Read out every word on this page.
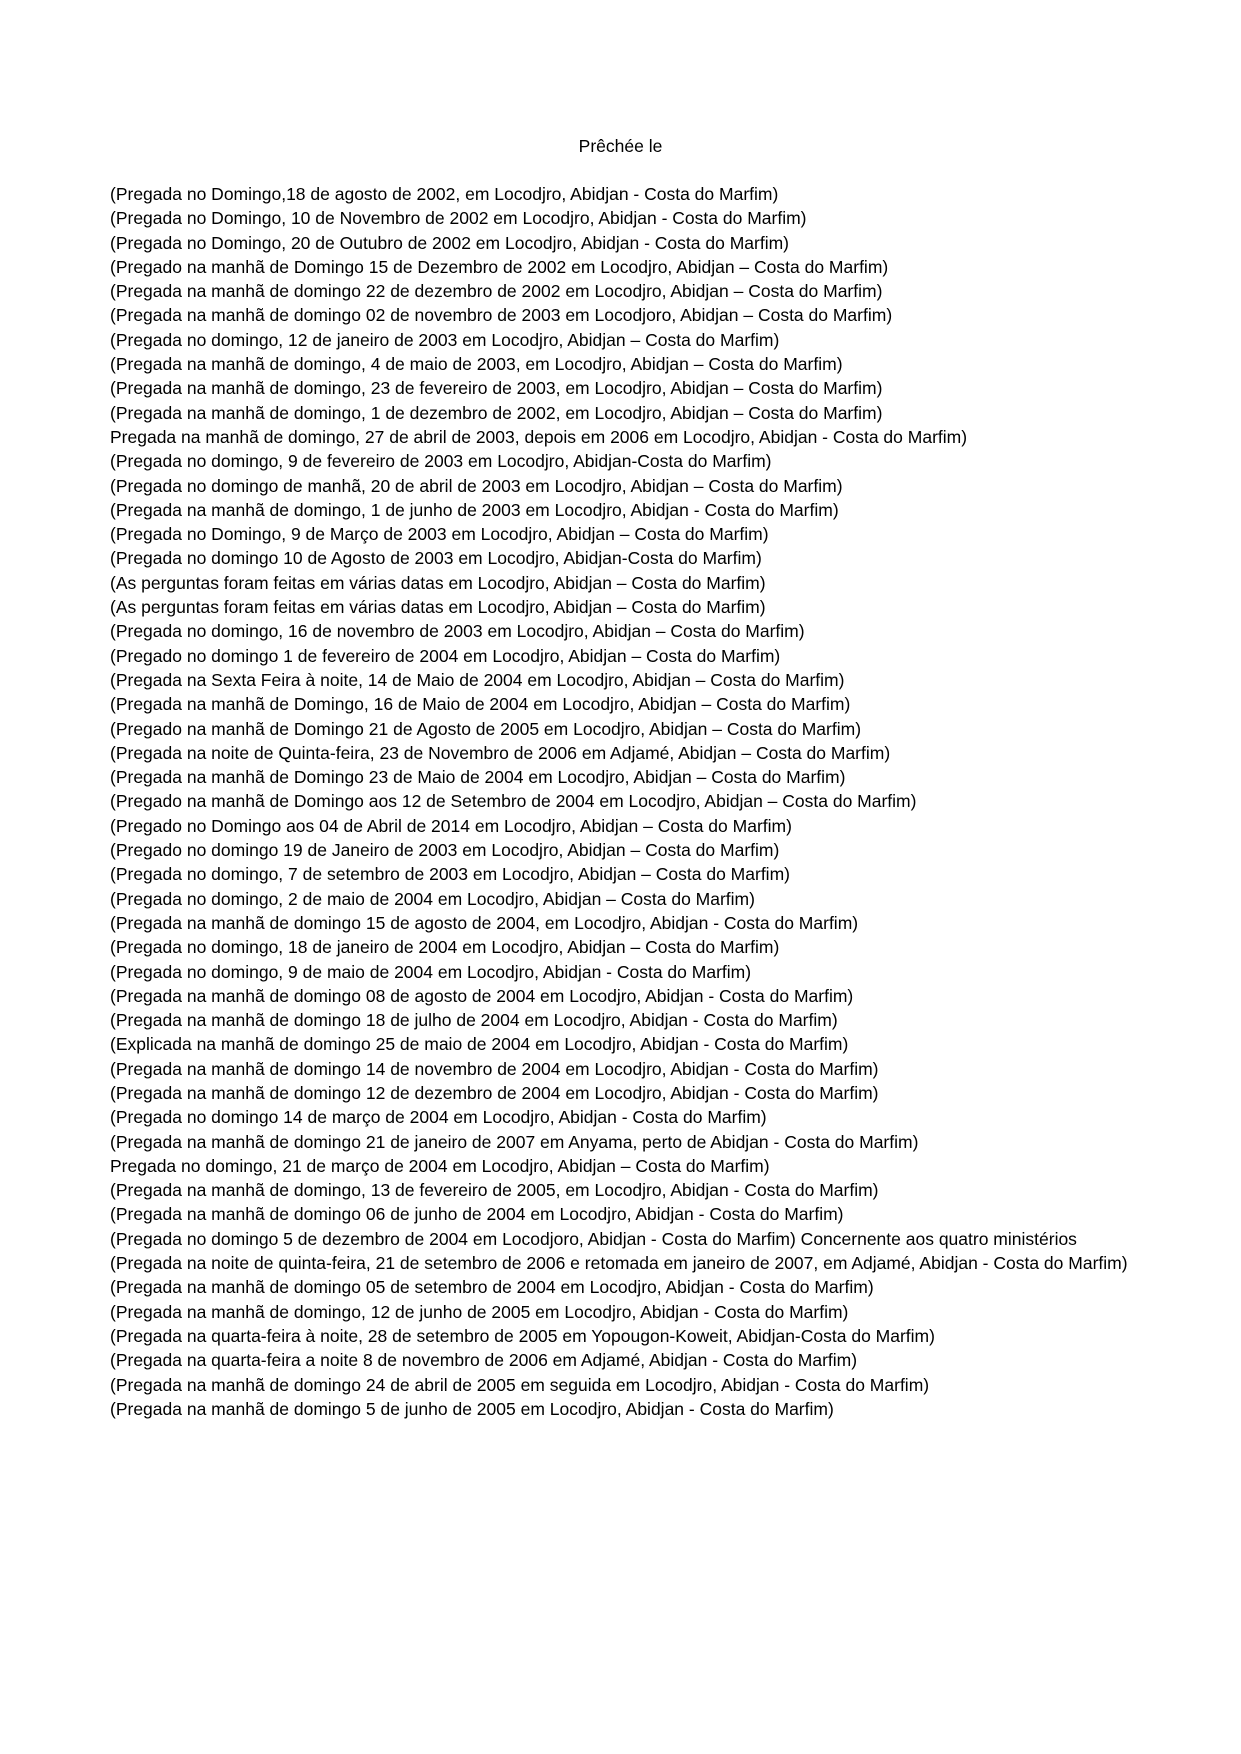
Prêchée le
(Pregada no Domingo,18 de agosto de 2002, em Locodjro, Abidjan - Costa do Marfim)
(Pregada no Domingo, 10 de Novembro de 2002 em Locodjro, Abidjan - Costa do Marfim)
(Pregada no Domingo, 20 de Outubro de 2002 em Locodjro, Abidjan - Costa do Marfim)
(Pregado na manhã de Domingo 15 de Dezembro de 2002 em Locodjro, Abidjan – Costa do Marfim)
(Pregada na manhã de domingo 22 de dezembro de 2002 em Locodjro, Abidjan – Costa do Marfim)
(Pregada na manhã de domingo 02 de novembro de 2003 em Locodjoro, Abidjan – Costa do Marfim)
(Pregada no domingo, 12 de janeiro de 2003 em Locodjro, Abidjan – Costa do Marfim)
(Pregada na manhã de domingo, 4 de maio de 2003, em Locodjro, Abidjan – Costa do Marfim)
(Pregada na manhã de domingo, 23 de fevereiro de 2003, em Locodjro, Abidjan – Costa do Marfim)
(Pregada na manhã de domingo, 1 de dezembro de 2002, em Locodjro, Abidjan – Costa do Marfim)
Pregada na manhã de domingo, 27 de abril de 2003, depois em 2006 em Locodjro, Abidjan - Costa do Marfim)
(Pregada no domingo, 9 de fevereiro de 2003 em Locodjro, Abidjan-Costa do Marfim)
(Pregada no domingo de manhã, 20 de abril de 2003 em Locodjro, Abidjan – Costa do Marfim)
(Pregada na manhã de domingo, 1 de junho de 2003 em Locodjro, Abidjan - Costa do Marfim)
(Pregada no Domingo, 9 de Março de 2003 em Locodjro, Abidjan – Costa do Marfim)
(Pregada no domingo 10 de Agosto de 2003 em Locodjro, Abidjan-Costa do Marfim)
(As perguntas foram feitas em várias datas em Locodjro, Abidjan – Costa do Marfim)
(As perguntas foram feitas em várias datas em Locodjro, Abidjan – Costa do Marfim)
(Pregada no domingo, 16 de novembro de 2003 em Locodjro, Abidjan – Costa do Marfim)
(Pregado no domingo 1 de fevereiro de 2004 em Locodjro, Abidjan – Costa do Marfim)
(Pregada na Sexta Feira à noite, 14 de Maio de 2004 em Locodjro, Abidjan – Costa do Marfim)
(Pregada na manhã de Domingo, 16 de Maio de 2004 em Locodjro, Abidjan – Costa do Marfim)
(Pregado na manhã de Domingo 21 de Agosto de 2005 em Locodjro, Abidjan – Costa do Marfim)
(Pregada na noite de Quinta-feira, 23 de Novembro de 2006 em Adjamé, Abidjan – Costa do Marfim)
(Pregada na manhã de Domingo 23 de Maio de 2004 em Locodjro, Abidjan – Costa do Marfim)
(Pregado na manhã de Domingo aos 12 de Setembro de 2004 em Locodjro, Abidjan – Costa do Marfim)
(Pregado no Domingo aos 04 de Abril de 2014 em Locodjro, Abidjan – Costa do Marfim)
(Pregado no domingo 19 de Janeiro de 2003 em Locodjro, Abidjan – Costa do Marfim)
(Pregada no domingo, 7 de setembro de 2003 em Locodjro, Abidjan – Costa do Marfim)
(Pregada no domingo, 2 de maio de 2004 em Locodjro, Abidjan – Costa do Marfim)
(Pregada na manhã de domingo 15 de agosto de 2004, em Locodjro, Abidjan - Costa do Marfim)
(Pregada no domingo, 18 de janeiro de 2004 em Locodjro, Abidjan – Costa do Marfim)
(Pregada no domingo, 9 de maio de 2004 em Locodjro, Abidjan - Costa do Marfim)
(Pregada na manhã de domingo 08 de agosto de 2004 em Locodjro, Abidjan - Costa do Marfim)
(Pregada na manhã de domingo 18 de julho de 2004 em Locodjro, Abidjan - Costa do Marfim)
(Explicada na manhã de domingo 25 de maio de 2004 em Locodjro, Abidjan - Costa do Marfim)
(Pregada na manhã de domingo 14 de novembro de 2004 em Locodjro, Abidjan - Costa do Marfim)
(Pregada na manhã de domingo 12 de dezembro de 2004 em Locodjro, Abidjan - Costa do Marfim)
(Pregada no domingo 14 de março de 2004 em Locodjro, Abidjan - Costa do Marfim)
(Pregada na manhã de domingo 21 de janeiro de 2007 em Anyama, perto de Abidjan - Costa do Marfim)
Pregada no domingo, 21 de março de 2004 em Locodjro, Abidjan – Costa do Marfim)
(Pregada na manhã de domingo, 13 de fevereiro de 2005, em Locodjro, Abidjan - Costa do Marfim)
(Pregada na manhã de domingo 06 de junho de 2004 em Locodjro, Abidjan - Costa do Marfim)
(Pregada no domingo 5 de dezembro de 2004 em Locodjoro, Abidjan - Costa do Marfim) Concernente aos quatro ministérios
(Pregada na noite de quinta-feira, 21 de setembro de 2006 e retomada em janeiro de 2007, em Adjamé, Abidjan - Costa do Marfim)
(Pregada na manhã de domingo 05 de setembro de 2004 em Locodjro, Abidjan - Costa do Marfim)
(Pregada na manhã de domingo, 12 de junho de 2005 em Locodjro, Abidjan - Costa do Marfim)
(Pregada na quarta-feira à noite, 28 de setembro de 2005 em Yopougon-Koweit, Abidjan-Costa do Marfim)
(Pregada na quarta-feira a noite 8 de novembro de 2006 em Adjamé, Abidjan - Costa do Marfim)
(Pregada na manhã de domingo 24 de abril de 2005 em seguida em Locodjro, Abidjan - Costa do Marfim)
(Pregada na manhã de domingo 5 de junho de 2005 em Locodjro, Abidjan - Costa do Marfim)
